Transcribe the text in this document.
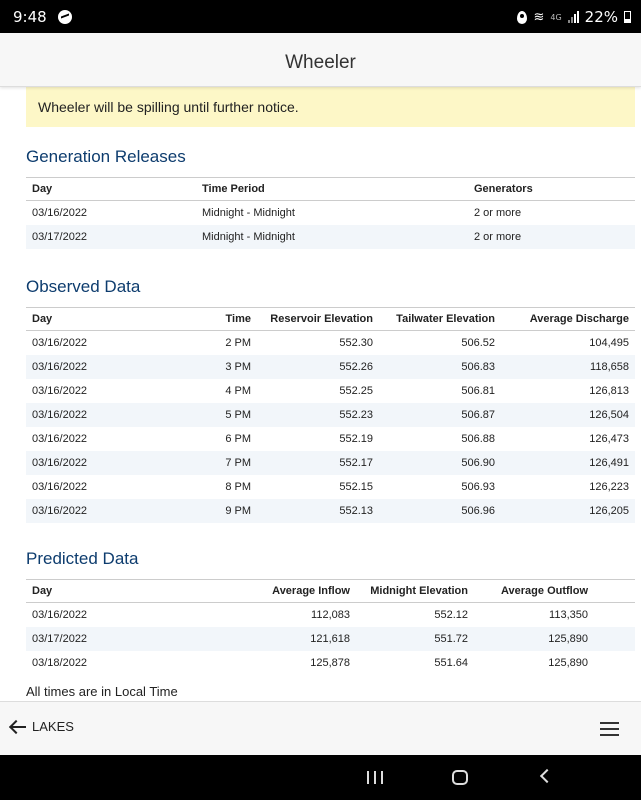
9:48	≋ 4G 22%
Wheeler
Wheeler will be spilling until further notice.
Generation Releases
Day	Time Period	Generators
03/16/2022	Midnight - Midnight	2 or more
03/17/2022	Midnight - Midnight	2 or more
Observed Data
Day	Time	Reservoir Elevation	Tailwater Elevation	Average Discharge
03/16/2022	2 PM	552.30	506.52	104,495
03/16/2022	3 PM	552.26	506.83	118,658
03/16/2022	4 PM	552.25	506.81	126,813
03/16/2022	5 PM	552.23	506.87	126,504
03/16/2022	6 PM	552.19	506.88	126,473
03/16/2022	7 PM	552.17	506.90	126,491
03/16/2022	8 PM	552.15	506.93	126,223
03/16/2022	9 PM	552.13	506.96	126,205
Predicted Data
Day	Average Inflow	Midnight Elevation	Average Outflow	
03/16/2022	112,083	552.12	113,350	
03/17/2022	121,618	551.72	125,890	
03/18/2022	125,878	551.64	125,890	
All times are in Local Time
LAKES
